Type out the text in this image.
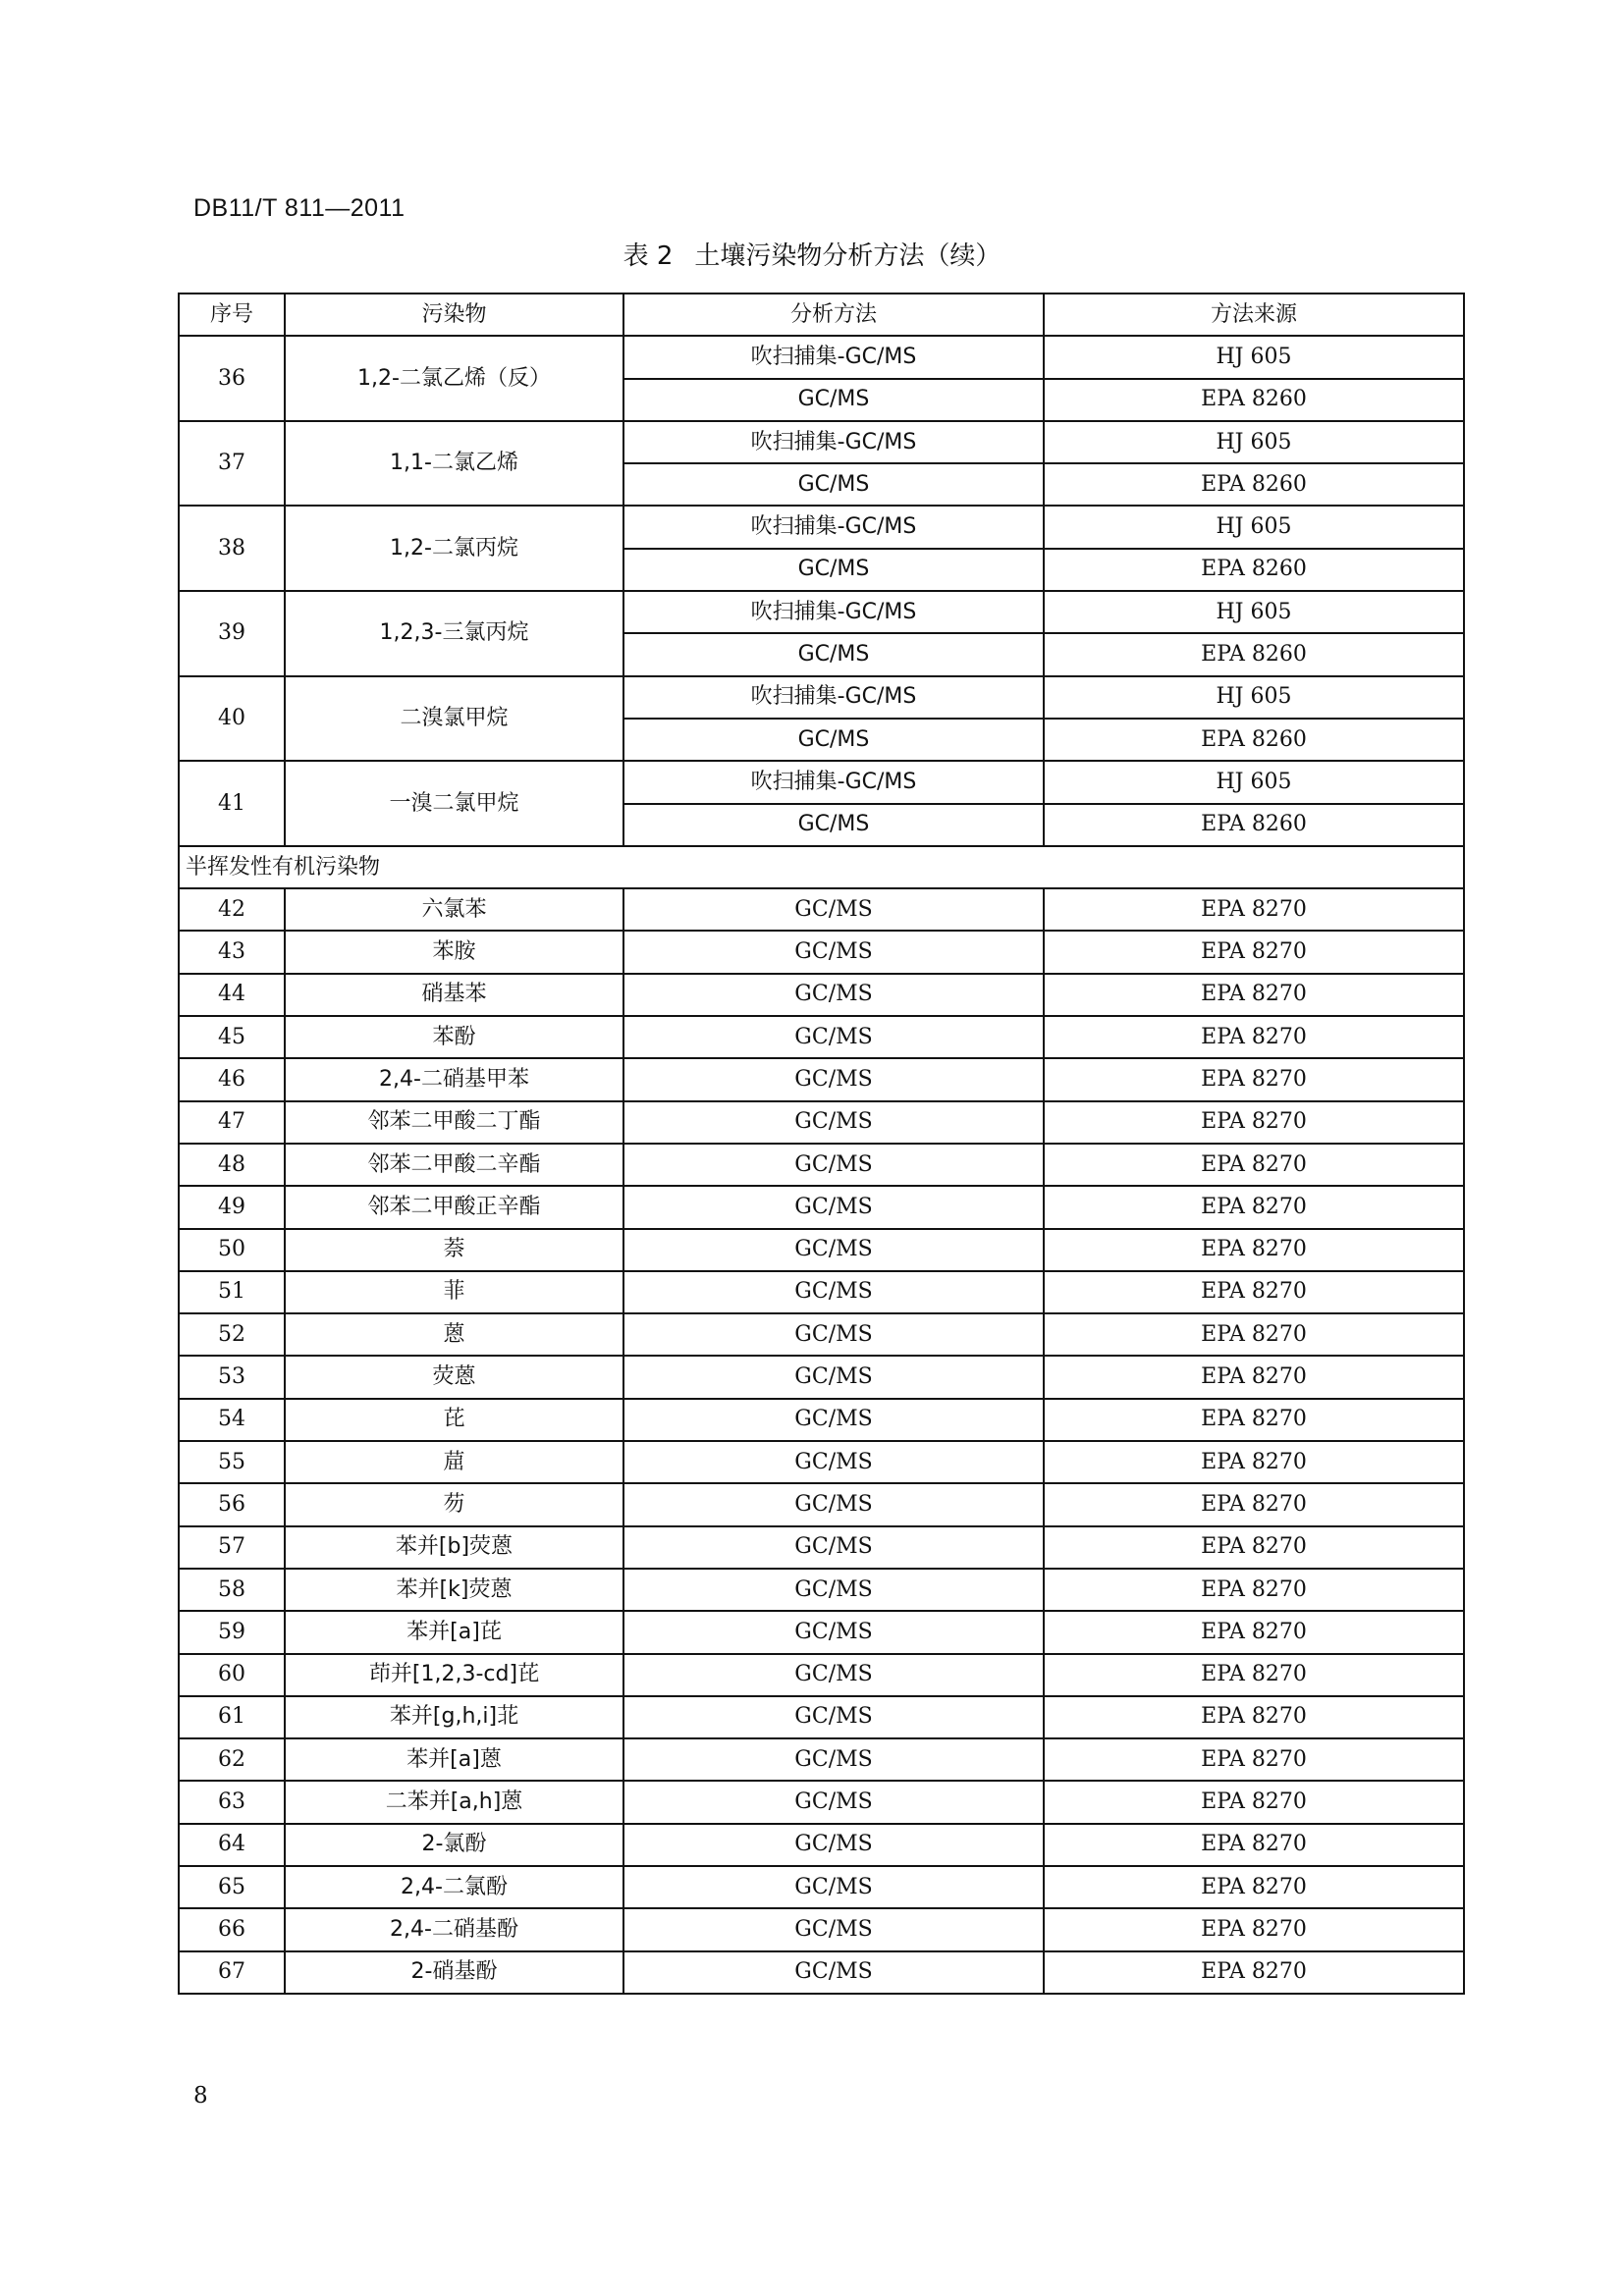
DB11/T 811—2011
表 2 土壤污染物分析方法（续）
序号	污染物	分析方法	方法来源
36	1,2-二氯乙烯（反）	吹扫捕集-GC/MS	HJ 605
		GC/MS	EPA 8260
37	1,1-二氯乙烯	吹扫捕集-GC/MS	HJ 605
		GC/MS	EPA 8260
38	1,2-二氯丙烷	吹扫捕集-GC/MS	HJ 605
		GC/MS	EPA 8260
39	1,2,3-三氯丙烷	吹扫捕集-GC/MS	HJ 605
		GC/MS	EPA 8260
40	二溴氯甲烷	吹扫捕集-GC/MS	HJ 605
		GC/MS	EPA 8260
41	一溴二氯甲烷	吹扫捕集-GC/MS	HJ 605
		GC/MS	EPA 8260
半挥发性有机污染物			
42	六氯苯	GC/MS	EPA 8270
43	苯胺	GC/MS	EPA 8270
44	硝基苯	GC/MS	EPA 8270
45	苯酚	GC/MS	EPA 8270
46	2,4-二硝基甲苯	GC/MS	EPA 8270
47	邻苯二甲酸二丁酯	GC/MS	EPA 8270
48	邻苯二甲酸二辛酯	GC/MS	EPA 8270
49	邻苯二甲酸正辛酯	GC/MS	EPA 8270
50	萘	GC/MS	EPA 8270
51	菲	GC/MS	EPA 8270
52	蒽	GC/MS	EPA 8270
53	荧蒽	GC/MS	EPA 8270
54	芘	GC/MS	EPA 8270
55	䓛	GC/MS	EPA 8270
56	芴	GC/MS	EPA 8270
57	苯并[b]荧蒽	GC/MS	EPA 8270
58	苯并[k]荧蒽	GC/MS	EPA 8270
59	苯并[a]芘	GC/MS	EPA 8270
60	茚并[1,2,3-cd]芘	GC/MS	EPA 8270
61	苯并[g,h,i]苝	GC/MS	EPA 8270
62	苯并[a]蒽	GC/MS	EPA 8270
63	二苯并[a,h]蒽	GC/MS	EPA 8270
64	2-氯酚	GC/MS	EPA 8270
65	2,4-二氯酚	GC/MS	EPA 8270
66	2,4-二硝基酚	GC/MS	EPA 8270
67	2-硝基酚	GC/MS	EPA 8270
8
